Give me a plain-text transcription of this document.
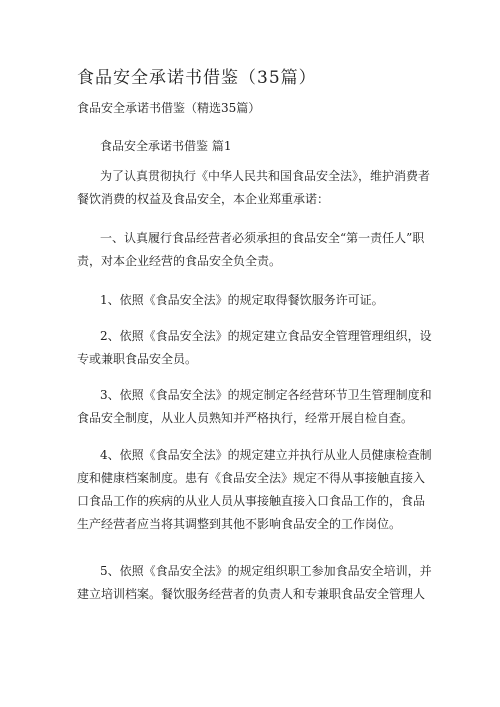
食品安全承诺书借鉴（35篇）
食品安全承诺书借鉴（精选35篇）
食品安全承诺书借鉴 篇1

为了认真贯彻执行《中华人民共和国食品安全法》，维护消费者餐饮消费的权益及食品安全，本企业郑重承诺：

一、认真履行食品经营者必须承担的食品安全“第一责任人”职责，对本企业经营的食品安全负全责。

1、依照《食品安全法》的规定取得餐饮服务许可证。

2、依照《食品安全法》的规定建立食品安全管理管理组织，设专或兼职食品安全员。

3、依照《食品安全法》的规定制定各经营环节卫生管理制度和食品安全制度，从业人员熟知并严格执行，经常开展自检自查。

4、依照《食品安全法》的规定建立并执行从业人员健康检查制度和健康档案制度。患有《食品安全法》规定不得从事接触直接入口食品工作的疾病的从业人员从事接触直接入口食品工作的，食品生产经营者应当将其调整到其他不影响食品安全的工作岗位。

5、依照《食品安全法》的规定组织职工参加食品安全培训，并建立培训档案。餐饮服务经营者的负责人和专兼职食品安全管理人
